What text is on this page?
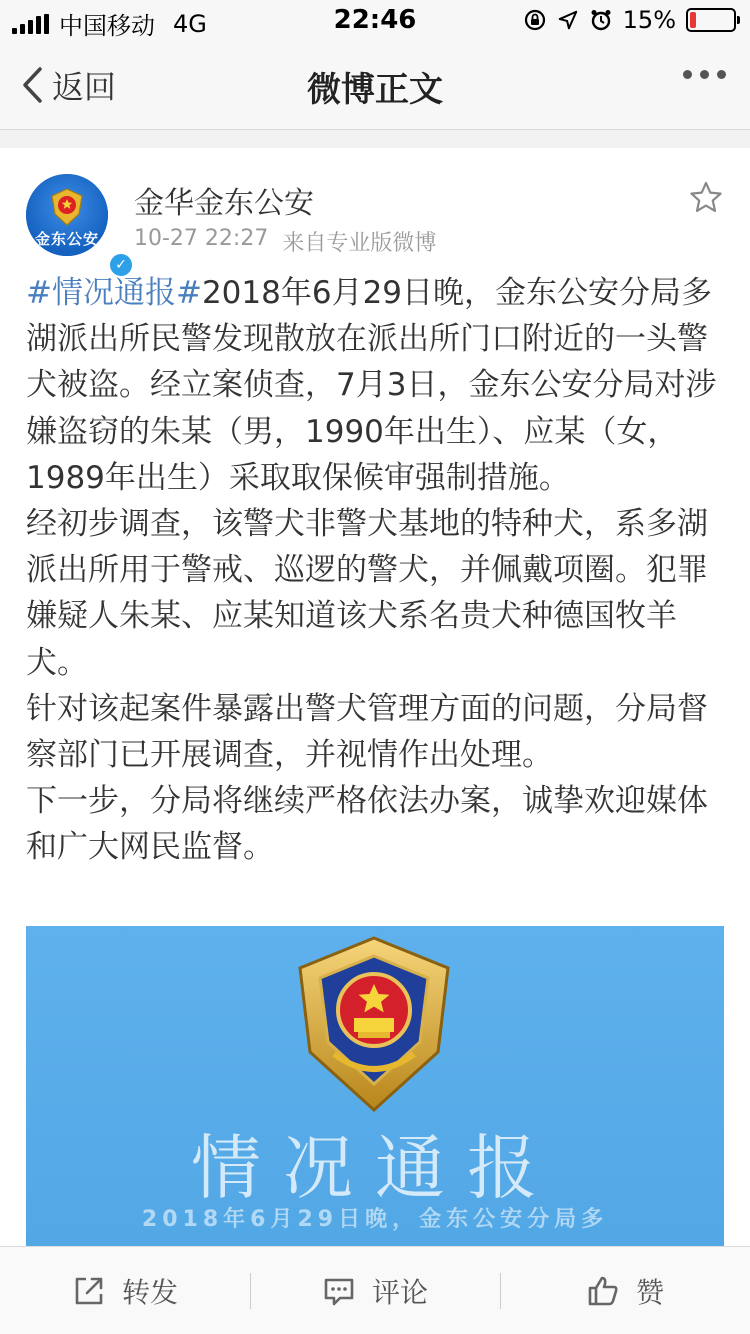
中国移动 4G	22:46	15%
返回	微博正文
金东公安
✓
金华金东公安
10-27 22:27 来自专业版微博

#情况通报#2018年6月29日晚，金东公安分局多湖派出所民警发现散放在派出所门口附近的一头警犬被盗。经立案侦查，7月3日，金东公安分局对涉嫌盗窃的朱某（男，1990年出生）、应某（女，1989年出生）采取取保候审强制措施。

经初步调查，该警犬非警犬基地的特种犬，系多湖派出所用于警戒、巡逻的警犬，并佩戴项圈。犯罪嫌疑人朱某、应某知道该犬系名贵犬种德国牧羊犬。

针对该起案件暴露出警犬管理方面的问题，分局督察部门已开展调查，并视情作出处理。

下一步，分局将继续严格依法办案，诚挚欢迎媒体和广大网民监督。

情况通报
2018年6月29日晚，金东公安分局多
转发	评论	赞
